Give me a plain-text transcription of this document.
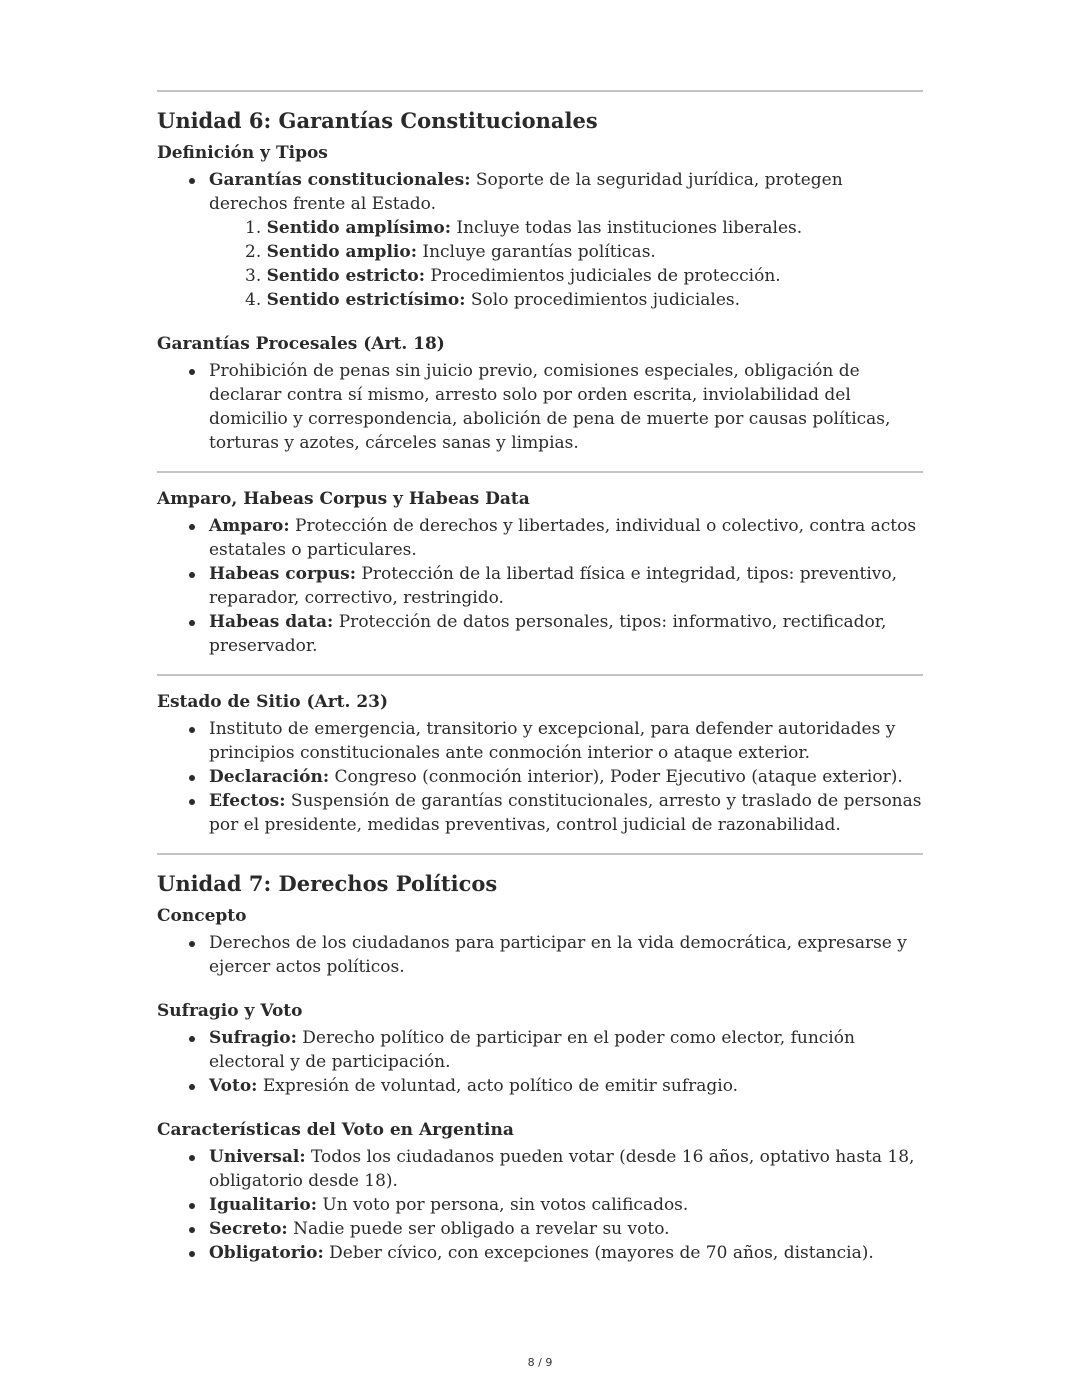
Unidad 6: Garantías Constitucionales
Definición y Tipos
Garantías constitucionales: Soporte de la seguridad jurídica, protegen derechos frente al Estado.
1. Sentido amplísimo: Incluye todas las instituciones liberales.
2. Sentido amplio: Incluye garantías políticas.
3. Sentido estricto: Procedimientos judiciales de protección.
4. Sentido estrictísimo: Solo procedimientos judiciales.
Garantías Procesales (Art. 18)
Prohibición de penas sin juicio previo, comisiones especiales, obligación de declarar contra sí mismo, arresto solo por orden escrita, inviolabilidad del domicilio y correspondencia, abolición de pena de muerte por causas políticas, torturas y azotes, cárceles sanas y limpias.
Amparo, Habeas Corpus y Habeas Data
Amparo: Protección de derechos y libertades, individual o colectivo, contra actos estatales o particulares.
Habeas corpus: Protección de la libertad física e integridad, tipos: preventivo, reparador, correctivo, restringido.
Habeas data: Protección de datos personales, tipos: informativo, rectificador, preservador.
Estado de Sitio (Art. 23)
Instituto de emergencia, transitorio y excepcional, para defender autoridades y principios constitucionales ante conmoción interior o ataque exterior.
Declaración: Congreso (conmoción interior), Poder Ejecutivo (ataque exterior).
Efectos: Suspensión de garantías constitucionales, arresto y traslado de personas por el presidente, medidas preventivas, control judicial de razonabilidad.
Unidad 7: Derechos Políticos
Concepto
Derechos de los ciudadanos para participar en la vida democrática, expresarse y ejercer actos políticos.
Sufragio y Voto
Sufragio: Derecho político de participar en el poder como elector, función electoral y de participación.
Voto: Expresión de voluntad, acto político de emitir sufragio.
Características del Voto en Argentina
Universal: Todos los ciudadanos pueden votar (desde 16 años, optativo hasta 18, obligatorio desde 18).
Igualitario: Un voto por persona, sin votos calificados.
Secreto: Nadie puede ser obligado a revelar su voto.
Obligatorio: Deber cívico, con excepciones (mayores de 70 años, distancia).
8 / 9
